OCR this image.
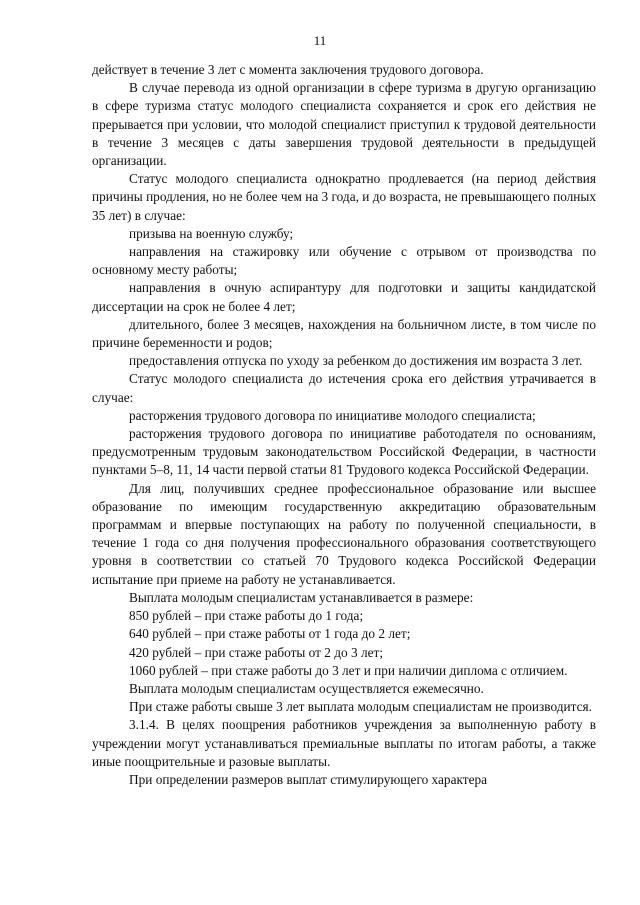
11

действует в течение 3 лет с момента заключения трудового договора.

В случае перевода из одной организации в сфере туризма в другую организацию в сфере туризма статус молодого специалиста сохраняется и срок его действия не прерывается при условии, что молодой специалист приступил к трудовой деятельности в течение 3 месяцев с даты завершения трудовой деятельности в предыдущей организации.

Статус молодого специалиста однократно продлевается (на период действия причины продления, но не более чем на 3 года, и до возраста, не превышающего полных 35 лет) в случае:

призыва на военную службу;

направления на стажировку или обучение с отрывом от производства по основному месту работы;

направления в очную аспирантуру для подготовки и защиты кандидатской диссертации на срок не более 4 лет;

длительного, более 3 месяцев, нахождения на больничном листе, в том числе по причине беременности и родов;

предоставления отпуска по уходу за ребенком до достижения им возраста 3 лет.

Статус молодого специалиста до истечения срока его действия утрачивается в случае:

расторжения трудового договора по инициативе молодого специалиста;

расторжения трудового договора по инициативе работодателя по основаниям, предусмотренным трудовым законодательством Российской Федерации, в частности пунктами 5–8, 11, 14 части первой статьи 81 Трудового кодекса Российской Федерации.

Для лиц, получивших среднее профессиональное образование или высшее образование по имеющим государственную аккредитацию образовательным программам и впервые поступающих на работу по полученной специальности, в течение 1 года со дня получения профессионального образования соответствующего уровня в соответствии со статьей 70 Трудового кодекса Российской Федерации испытание при приеме на работу не устанавливается.

Выплата молодым специалистам устанавливается в размере:

850 рублей – при стаже работы до 1 года;

640 рублей – при стаже работы от 1 года до 2 лет;

420 рублей – при стаже работы от 2 до 3 лет;

1060 рублей – при стаже работы до 3 лет и при наличии диплома с отличием.

Выплата молодым специалистам осуществляется ежемесячно.

При стаже работы свыше 3 лет выплата молодым специалистам не производится.

3.1.4. В целях поощрения работников учреждения за выполненную работу в учреждении могут устанавливаться премиальные выплаты по итогам работы, а также иные поощрительные и разовые выплаты.

При определении размеров выплат стимулирующего характера
